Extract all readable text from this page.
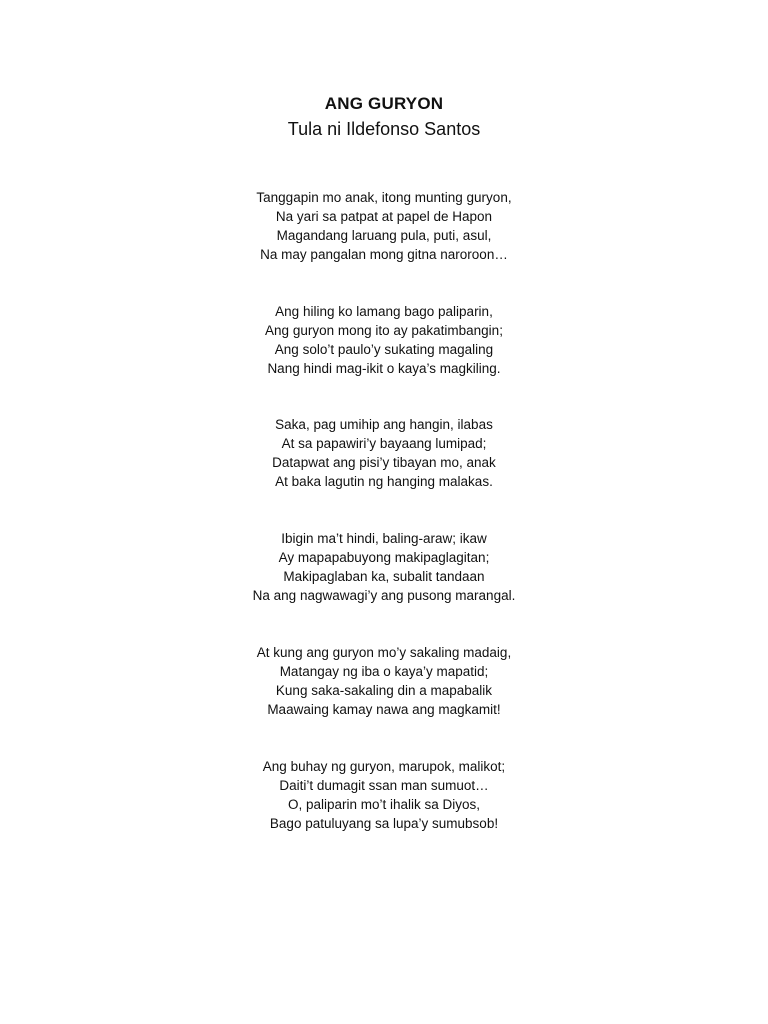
ANG GURYON
Tula ni Ildefonso Santos
Tanggapin mo anak, itong munting guryon,
Na yari sa patpat at papel de Hapon
Magandang laruang pula, puti, asul,
Na may pangalan mong gitna naroroon…
Ang hiling ko lamang bago paliparin,
Ang guryon mong ito ay pakatimbangin;
Ang solo’t paulo’y sukating magaling
Nang hindi mag-ikit o kaya’s magkiling.
Saka, pag umihip ang hangin, ilabas
At sa papawiri’y bayaang lumipad;
Datapwat ang pisi’y tibayan mo, anak
At baka lagutin ng hanging malakas.
Ibigin ma’t hindi, baling-araw; ikaw
Ay mapapabuyong makipaglagitan;
Makipaglaban ka, subalit tandaan
Na ang nagwawagi’y ang pusong marangal.
At kung ang guryon mo’y sakaling madaig,
Matangay ng iba o kaya’y mapatid;
Kung saka-sakaling din a mapabalik
Maawaing kamay nawa ang magkamit!
Ang buhay ng guryon, marupok, malikot;
Daiti’t dumagit ssan man sumuot…
O, paliparin mo’t ihalik sa Diyos,
Bago patuluyang sa lupa’y sumubsob!
